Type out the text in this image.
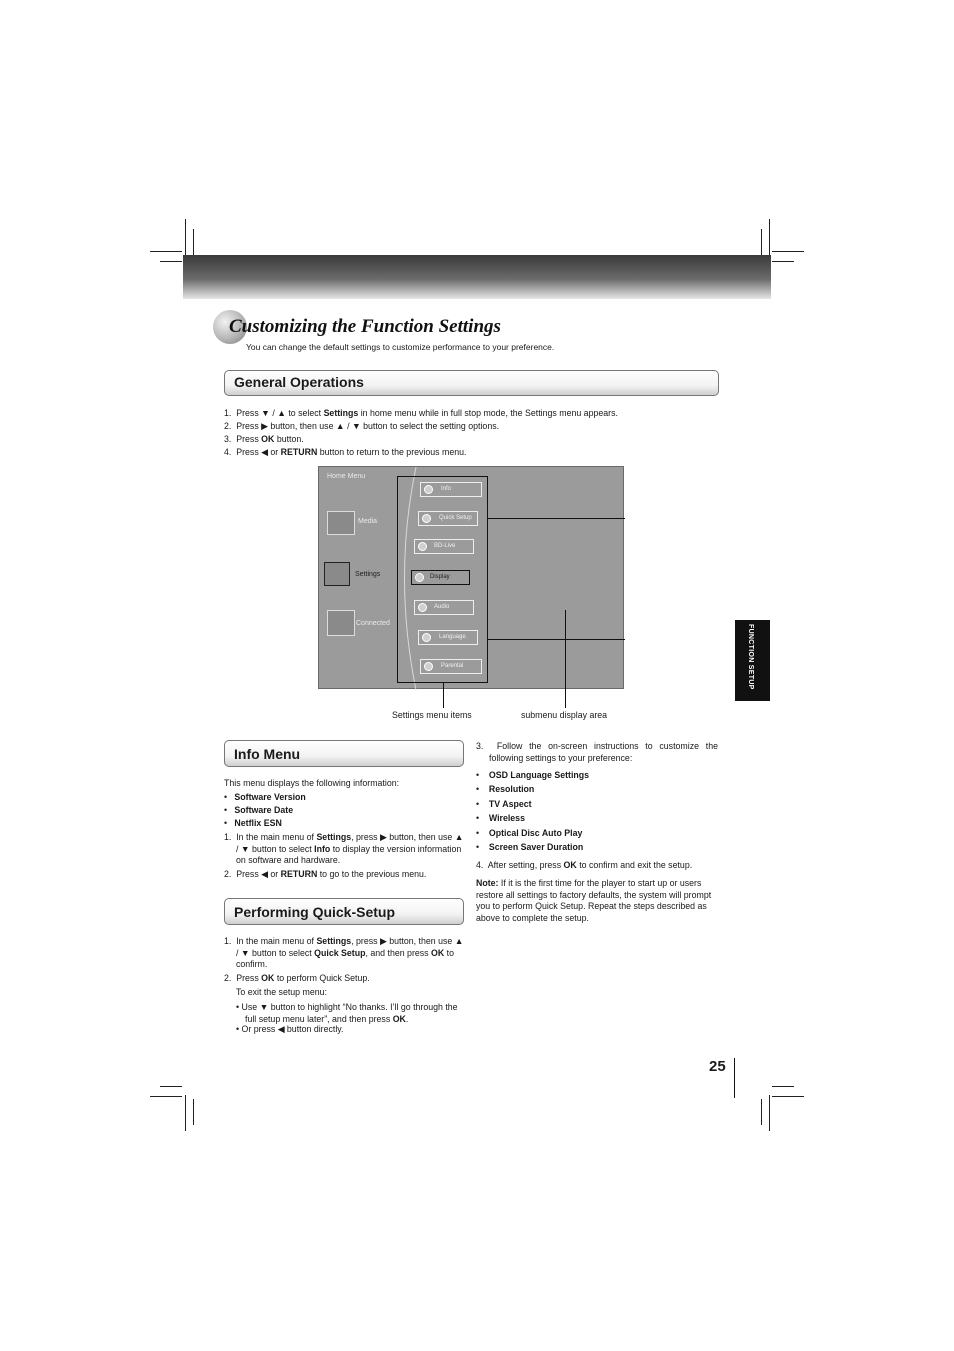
Customizing the Function Settings
You can change the default settings to customize performance to your preference.
General Operations
1. Press ▼ / ▲ to select Settings in home menu while in full stop mode, the Settings menu appears.
2. Press ▶ button, then use ▲ / ▼ button to select the setting options.
3. Press OK button.
4. Press ◀ or RETURN button to return to the previous menu.
Home Menu
Media
Settings
Connected
Info
Quick Setup
BD-Live
Display
Audio
Language
Parental
Settings menu items	submenu display area
FUNCTION SETUP
Info Menu
This menu displays the following information:
•   Software Version
•   Software Date
•   Netflix ESN
1. In the main menu of Settings, press ▶ button, then use ▲ / ▼ button to select Info to display the version information on software and hardware.
2. Press ◀ or RETURN to go to the previous menu.
Performing Quick-Setup
1. In the main menu of Settings, press ▶ button, then use ▲ / ▼ button to select Quick Setup, and then press OK to confirm.
2. Press OK to perform Quick Setup.
To exit the setup menu:
• Use ▼ button to highlight “No thanks. I’ll go through the full setup menu later”, and then press OK.
• Or press ◀ button directly.
3. Follow the on-screen instructions to customize the following settings to your preference:
•    OSD Language Settings
•    Resolution
•    TV Aspect
•    Wireless
•    Optical Disc Auto Play
•    Screen Saver Duration
4. After setting, press OK to confirm and exit the setup.
Note: If it is the first time for the player to start up or users restore all settings to factory defaults, the system will prompt you to perform Quick Setup. Repeat the steps described as above to complete the setup.
25
